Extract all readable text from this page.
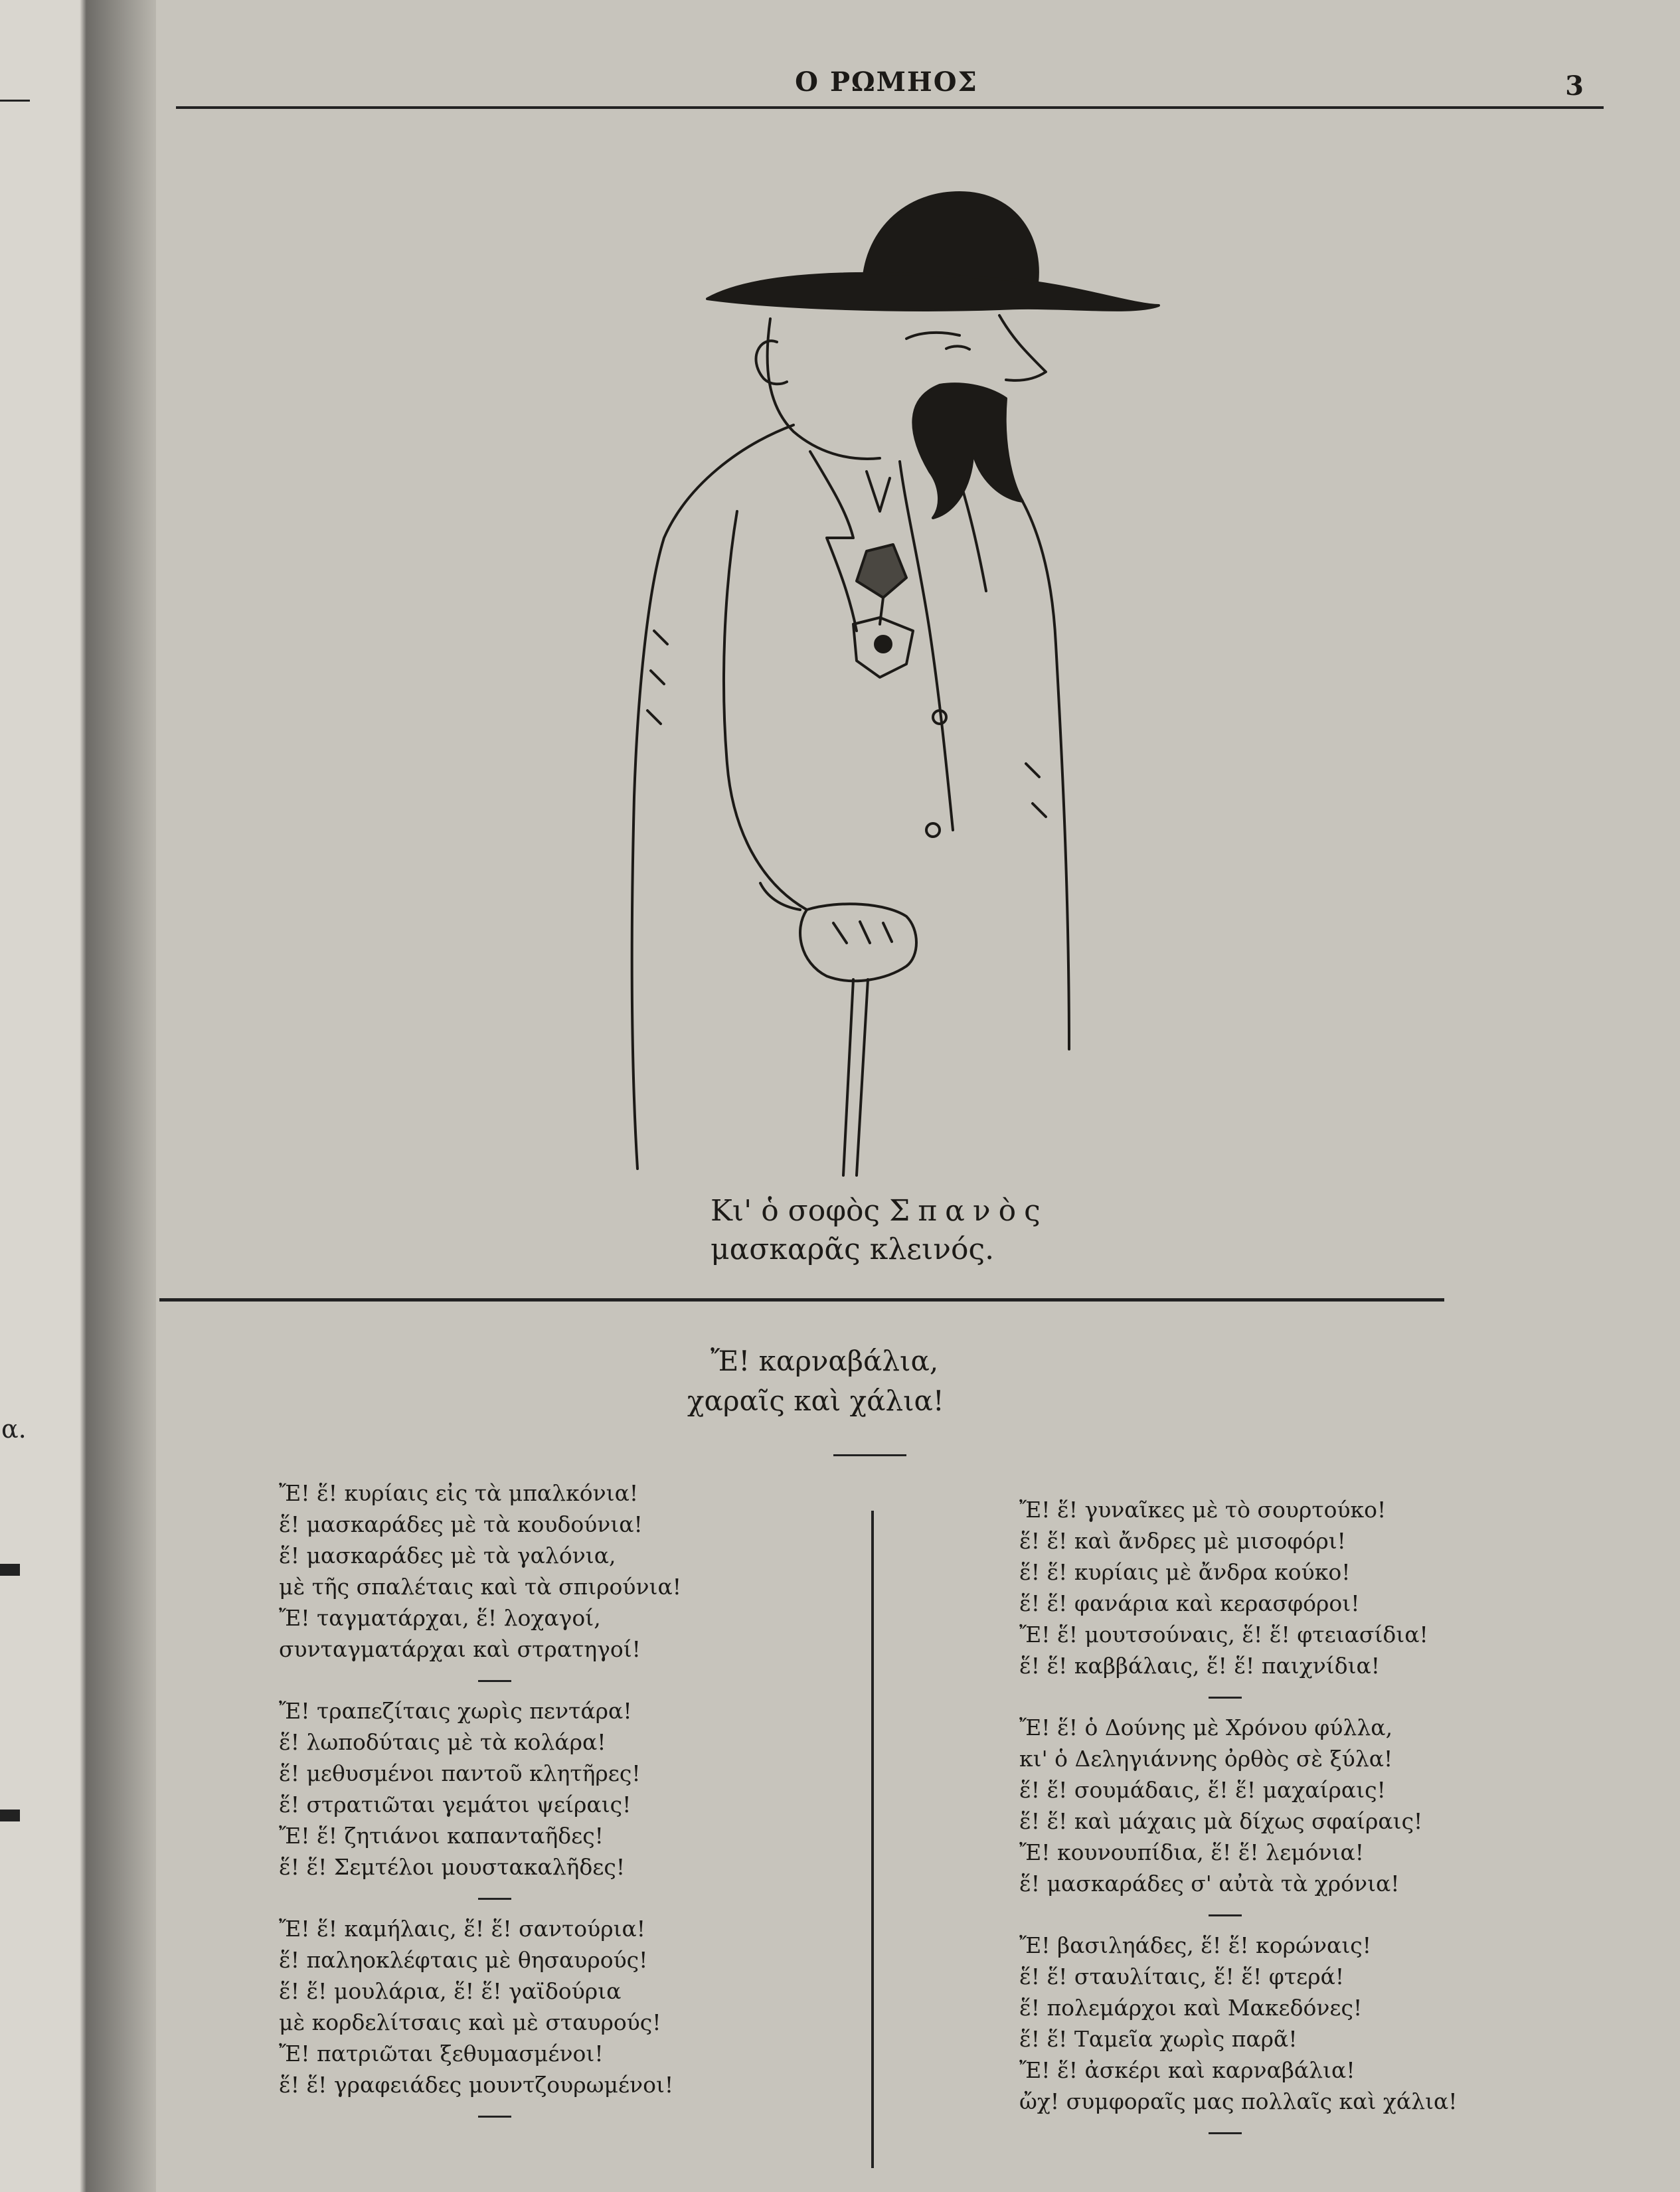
α.
Ο ΡΩΜΗΟΣ	3
Κι' ὁ σοφὸς Σπανὸς
μασκαρᾶς κλεινός.
Ἔ! καρναβάλια,
χαραῖς καὶ χάλια!
Ἔ! ἕ! κυρίαις εἰς τὰ μπαλκόνια!
ἕ! μασκαράδες μὲ τὰ κουδούνια!
ἕ! μασκαράδες μὲ τὰ γαλόνια,
μὲ τῆς σπαλέταις καὶ τὰ σπιρούνια!
Ἔ! ταγματάρχαι, ἕ! λοχαγοί,
συνταγματάρχαι καὶ στρατηγοί!
Ἔ! τραπεζίταις χωρὶς πεντάρα!
ἕ! λωποδύταις μὲ τὰ κολάρα!
ἕ! μεθυσμένοι παντοῦ κλητῆρες!
ἕ! στρατιῶται γεμάτοι ψείραις!
Ἔ! ἕ! ζητιάνοι καπανταῆδες!
ἕ! ἕ! Σεμτέλοι μουστακαλῆδες!
Ἔ! ἕ! καμήλαις, ἕ! ἕ! σαντούρια!
ἕ! παληοκλέφταις μὲ θησαυρούς!
ἕ! ἕ! μουλάρια, ἕ! ἕ! γαϊδούρια
μὲ κορδελίτσαις καὶ μὲ σταυρούς!
Ἔ! πατριῶται ξεθυμασμένοι!
ἕ! ἕ! γραφειάδες μουντζουρωμένοι!
Ἔ! ἕ! γυναῖκες μὲ τὸ σουρτούκο!
ἕ! ἕ! καὶ ἄνδρες μὲ μισοφόρι!
ἕ! ἕ! κυρίαις μὲ ἄνδρα κούκο!
ἕ! ἕ! φανάρια καὶ κερασφόροι!
Ἔ! ἕ! μουτσούναις, ἕ! ἕ! φτειασίδια!
ἕ! ἕ! καββάλαις, ἕ! ἕ! παιχνίδια!
Ἔ! ἕ! ὁ Δούνης μὲ Χρόνου φύλλα,
κι' ὁ Δεληγιάννης ὀρθὸς σὲ ξύλα!
ἕ! ἕ! σουμάδαις, ἕ! ἕ! μαχαίραις!
ἕ! ἕ! καὶ μάχαις μὰ δίχως σφαίραις!
Ἔ! κουνουπίδια, ἕ! ἕ! λεμόνια!
ἕ! μασκαράδες σ' αὐτὰ τὰ χρόνια!
Ἔ! βασιληάδες, ἕ! ἕ! κορώναις!
ἕ! ἕ! σταυλίταις, ἕ! ἕ! φτερά!
ἕ! πολεμάρχοι καὶ Μακεδόνες!
ἕ! ἕ! Ταμεῖα χωρὶς παρᾶ!
Ἔ! ἕ! ἀσκέρι καὶ καρναβάλια!
ὤχ! συμφοραῖς μας πολλαῖς καὶ χάλια!
